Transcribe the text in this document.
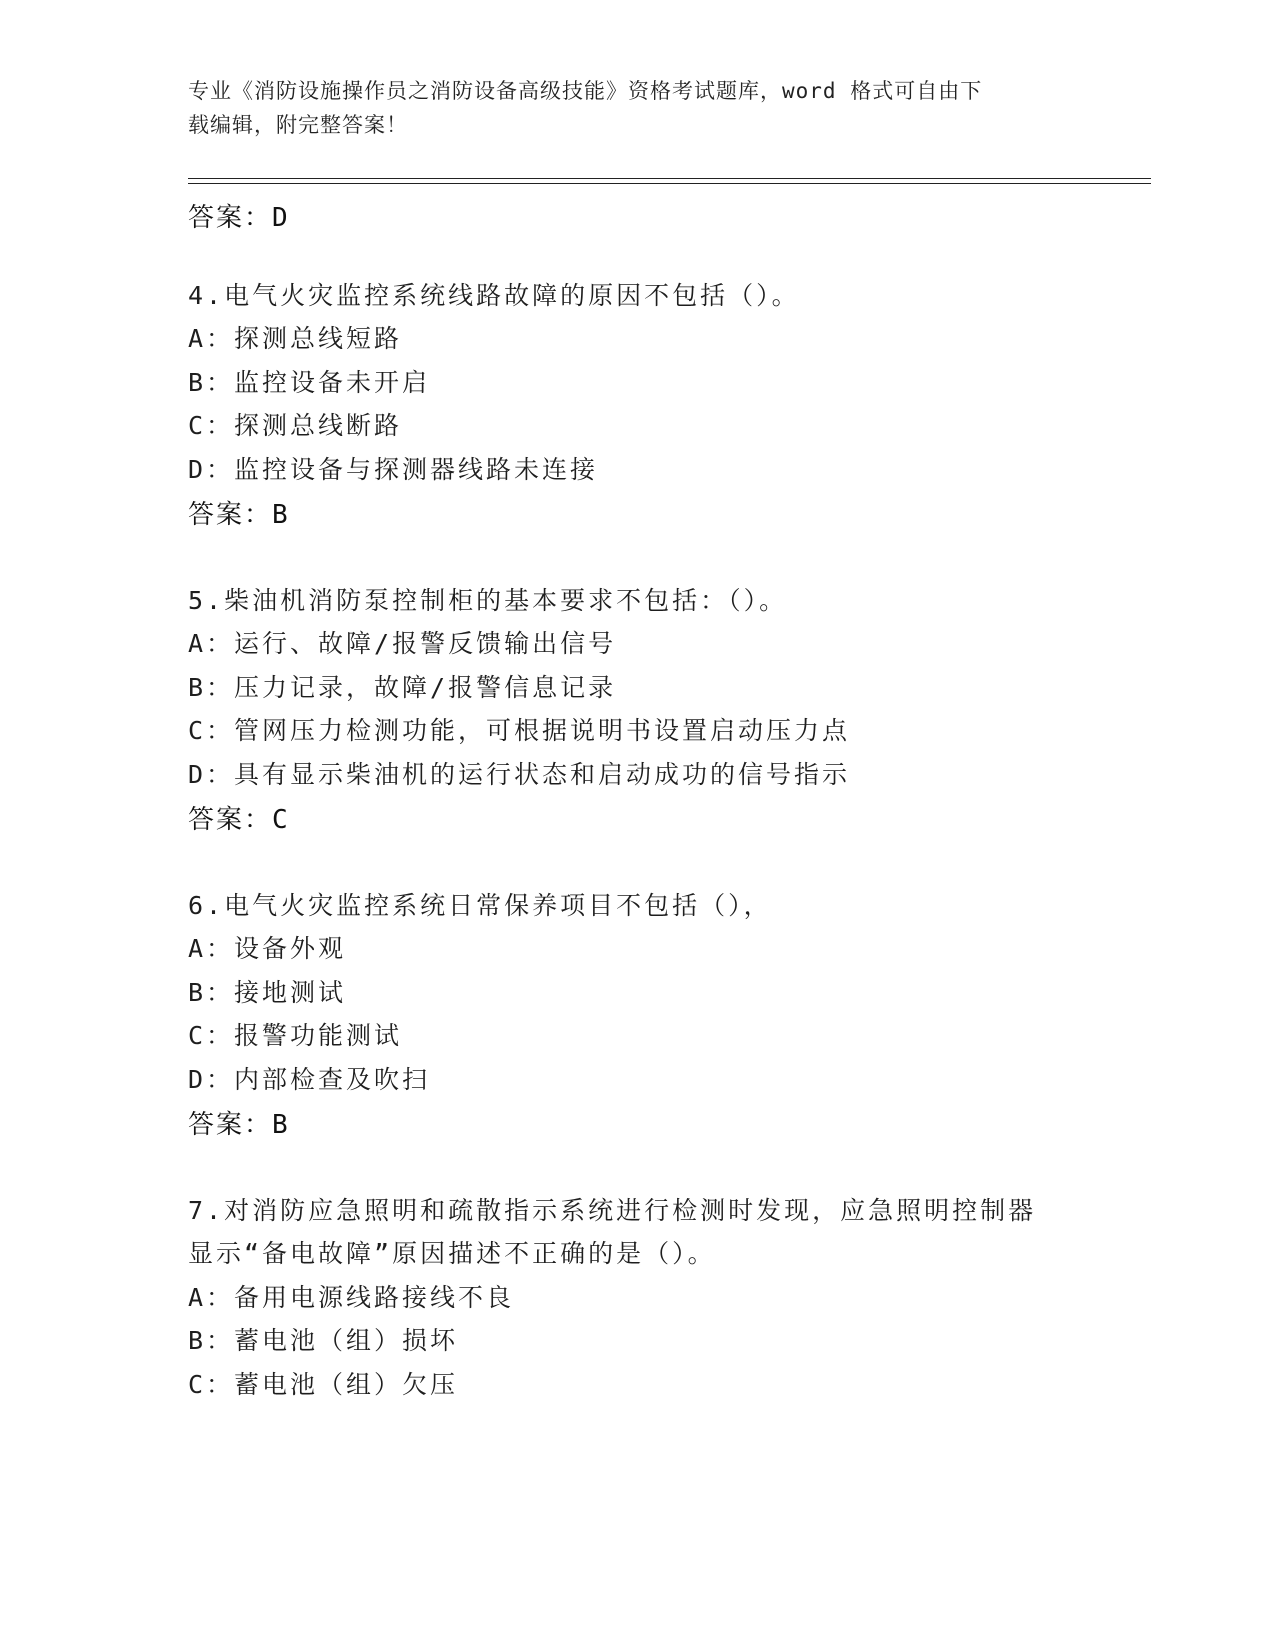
专业《消防设施操作员之消防设备高级技能》资格考试题库，word 格式可自由下
载编辑，附完整答案！
答案：D
4.电气火灾监控系统线路故障的原因不包括（）。
A：探测总线短路
B：监控设备未开启
C：探测总线断路
D：监控设备与探测器线路未连接
答案：B
5.柴油机消防泵控制柜的基本要求不包括：（）。
A：运行、故障/报警反馈输出信号
B：压力记录，故障/报警信息记录
C：管网压力检测功能，可根据说明书设置启动压力点
D：具有显示柴油机的运行状态和启动成功的信号指示
答案：C
6.电气火灾监控系统日常保养项目不包括（），
A：设备外观
B：接地测试
C：报警功能测试
D：内部检查及吹扫
答案：B
7.对消防应急照明和疏散指示系统进行检测时发现，应急照明控制器
显示“备电故障”原因描述不正确的是（）。
A：备用电源线路接线不良
B：蓄电池（组）损坏
C：蓄电池（组）欠压
